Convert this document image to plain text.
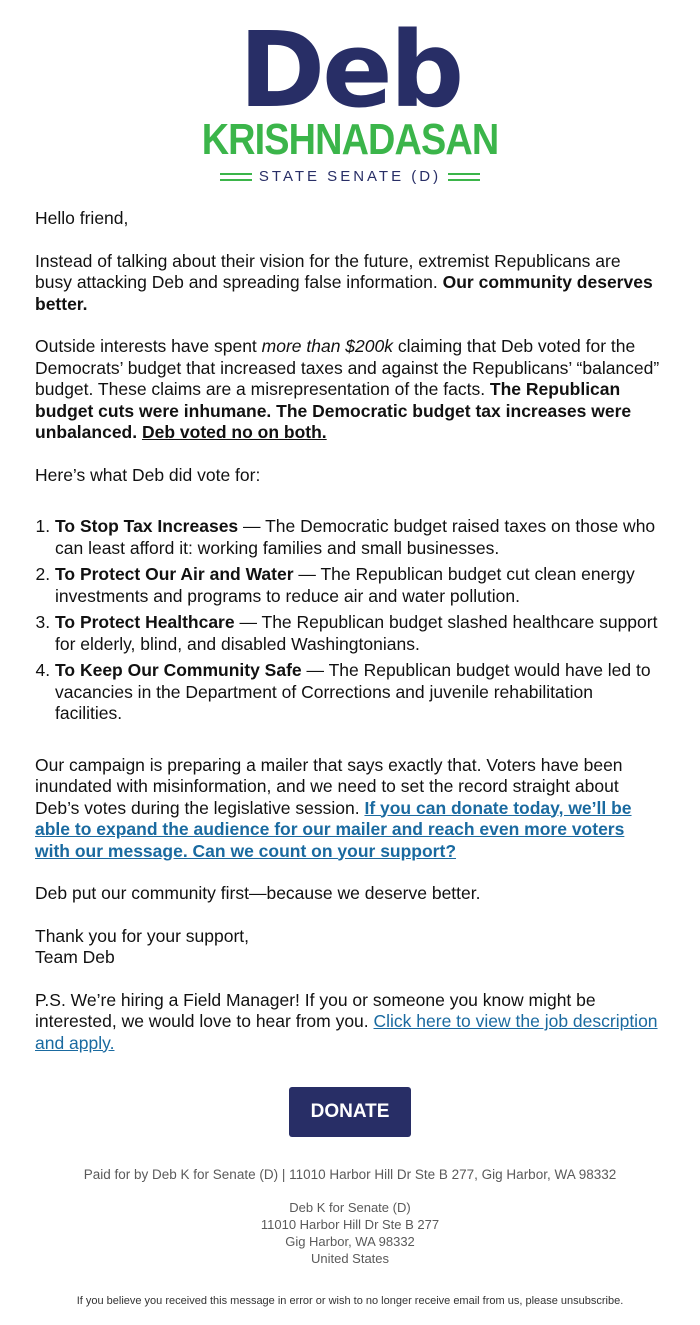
Deb
KRISHNADASAN
STATE SENATE (D)

Hello friend,

Instead of talking about their vision for the future, extremist Republicans are busy attacking Deb and spreading false information. Our community deserves better.

Outside interests have spent more than $200k claiming that Deb voted for the Democrats’ budget that increased taxes and against the Republicans’ “balanced” budget. These claims are a misrepresentation of the facts. The Republican budget cuts were inhumane. The Democratic budget tax increases were unbalanced. Deb voted no on both.

Here’s what Deb did vote for:

1. To Stop Tax Increases — The Democratic budget raised taxes on those who can least afford it: working families and small businesses.
2. To Protect Our Air and Water — The Republican budget cut clean energy investments and programs to reduce air and water pollution.
3. To Protect Healthcare — The Republican budget slashed healthcare support for elderly, blind, and disabled Washingtonians.
4. To Keep Our Community Safe — The Republican budget would have led to vacancies in the Department of Corrections and juvenile rehabilitation facilities.

Our campaign is preparing a mailer that says exactly that. Voters have been inundated with misinformation, and we need to set the record straight about Deb’s votes during the legislative session. If you can donate today, we’ll be able to expand the audience for our mailer and reach even more voters with our message. Can we count on your support?

Deb put our community first—because we deserve better.

Thank you for your support,
Team Deb

P.S. We’re hiring a Field Manager! If you or someone you know might be interested, we would love to hear from you. Click here to view the job description and apply.

DONATE
Paid for by Deb K for Senate (D) | 11010 Harbor Hill Dr Ste B 277, Gig Harbor, WA 98332
Deb K for Senate (D)
11010 Harbor Hill Dr Ste B 277
Gig Harbor, WA 98332
United States
If you believe you received this message in error or wish to no longer receive email from us, please unsubscribe.
